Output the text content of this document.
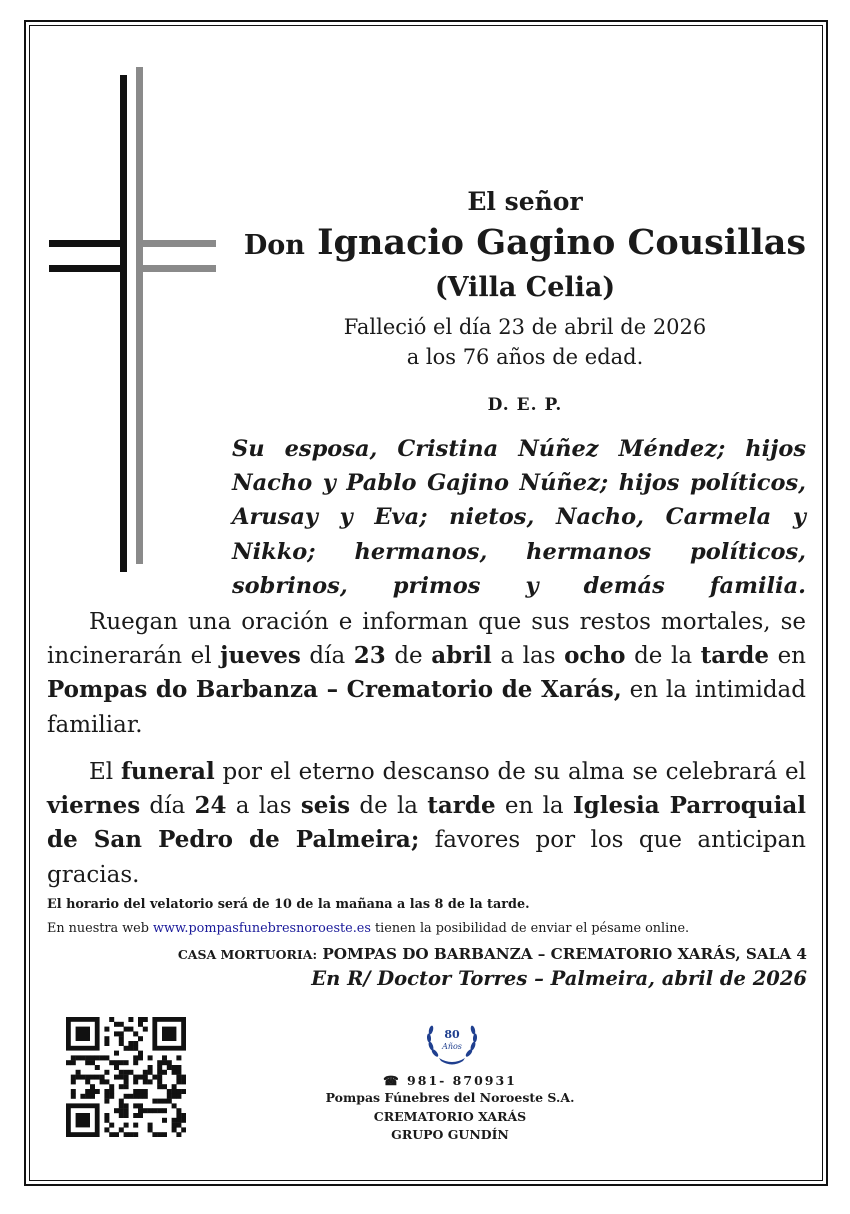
El señor
Don Ignacio Gagino Cousillas
(Villa Celia)
Falleció el día 23 de abril de 2026
a los 76 años de edad.
D. E. P.
Su esposa, Cristina Núñez Méndez; hijos Nacho y Pablo Gajino Núñez; hijos políticos, Arusay y Eva; nietos, Nacho, Carmela y Nikko; hermanos, hermanos políticos, sobrinos, primos y demás familia.
Ruegan una oración e informan que sus restos mortales, se incinerarán el jueves día 23 de abril a las ocho de la tarde en Pompas do Barbanza – Crematorio de Xarás, en la intimidad familiar.
El funeral por el eterno descanso de su alma se celebrará el viernes día 24 a las seis de la tarde en la Iglesia Parroquial de San Pedro de Palmeira; favores por los que anticipan gracias.
El horario del velatorio será de 10 de la mañana a las 8 de la tarde.
En nuestra web www.pompasfunebresnoroeste.es tienen la posibilidad de enviar el pésame online.
CASA MORTUORIA: POMPAS DO BARBANZA – CREMATORIO XARÁS, SALA 4
En R/ Doctor Torres – Palmeira, abril de 2026
80
Años
☎ 981- 870931
Pompas Fúnebres del Noroeste S.A.
CREMATORIO XARÁS
GRUPO GUNDÍN
